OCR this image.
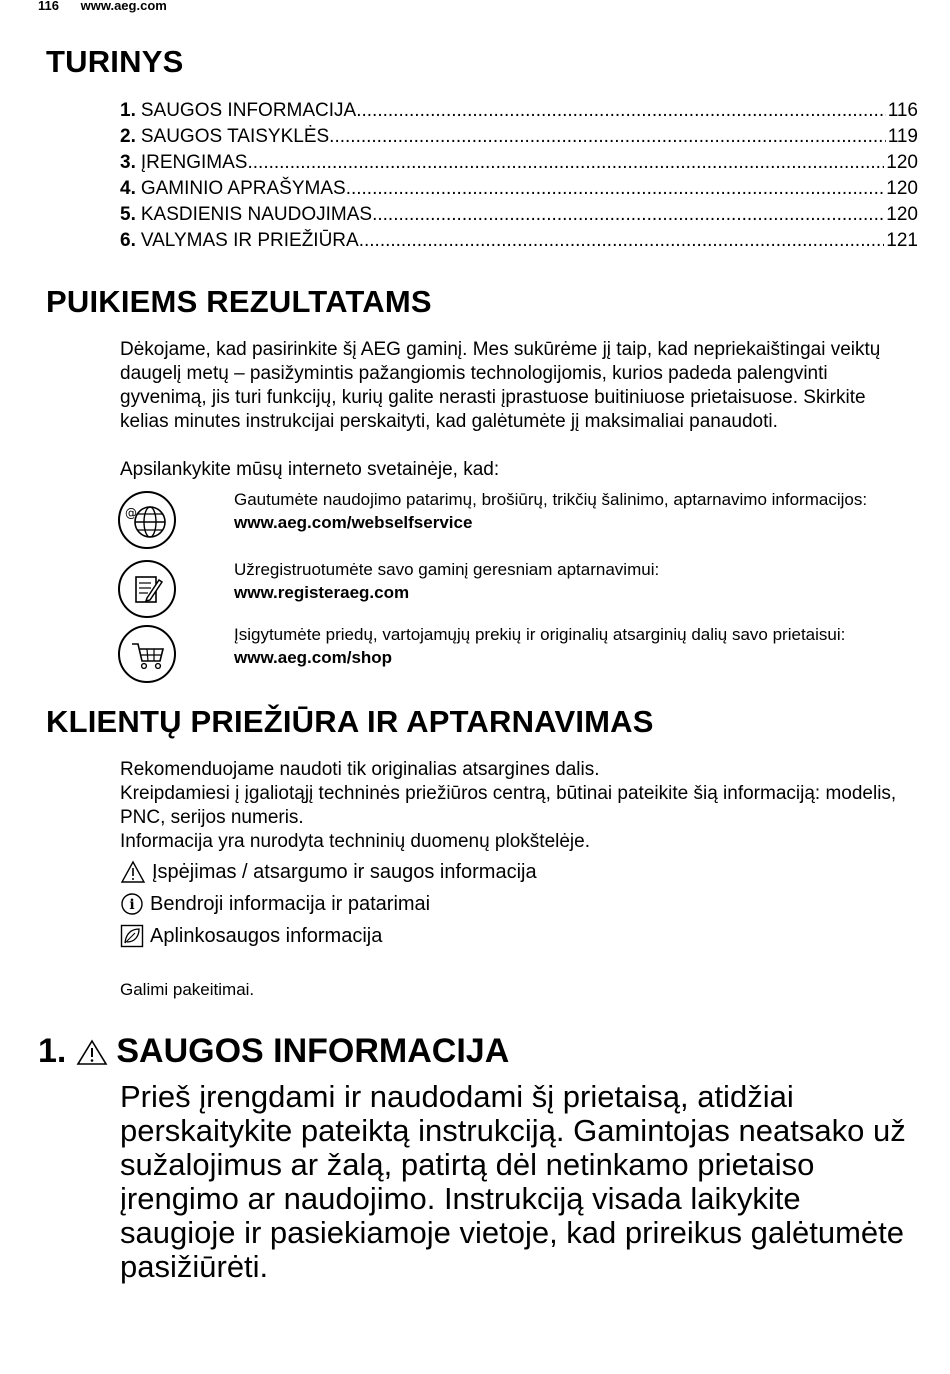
116 www.aeg.com
TURINYS
1. SAUGOS INFORMACIJA .....	116
2. SAUGOS TAISYKLĖS .....	119
3. ĮRENGIMAS .....	120
4. GAMINIO APRAŠYMAS .....	120
5. KASDIENIS NAUDOJIMAS .....	120
6. VALYMAS IR PRIEŽIŪRA .....	121
PUIKIEMS REZULTATAMS

Dėkojame, kad pasirinkite šį AEG gaminį. Mes sukūrėme jį taip, kad nepriekaištingai veiktų daugelį metų – pasižymintis pažangiomis technologijomis, kurios padeda palengvinti gyvenimą, jis turi funkcijų, kurių galite nerasti įprastuose buitiniuose prietaisuose. Skirkite kelias minutes instrukcijai perskaityti, kad galėtumėte jį maksimaliai panaudoti.

Apsilankykite mūsų interneto svetainėje, kad:

@
Gautumėte naudojimo patarimų, brošiūrų, trikčių šalinimo, aptarnavimo informacijos:
www.aeg.com/webselfservice
Užregistruotumėte savo gaminį geresniam aptarnavimui:
www.registeraeg.com
Įsigytumėte priedų, vartojamųjų prekių ir originalių atsarginių dalių savo prietaisui:
www.aeg.com/shop
KLIENTŲ PRIEŽIŪRA IR APTARNAVIMAS

Rekomenduojame naudoti tik originalias atsargines dalis.

Kreipdamiesi į įgaliotąjį techninės priežiūros centrą, būtinai pateikite šią informaciją: modelis, PNC, serijos numeris.

Informacija yra nurodyta techninių duomenų plokštelėje.

Įspėjimas / atsargumo ir saugos informacija
i Bendroji informacija ir patarimai
Aplinkosaugos informacija
Galimi pakeitimai.
1. SAUGOS INFORMACIJA

Prieš įrengdami ir naudodami šį prietaisą, atidžiai perskaitykite pateiktą instrukciją. Gamintojas neatsako už sužalojimus ar žalą, patirtą dėl netinkamo prietaiso įrengimo ar naudojimo. Instrukciją visada laikykite saugioje ir pasiekiamoje vietoje, kad prireikus galėtumėte pasižiūrėti.
